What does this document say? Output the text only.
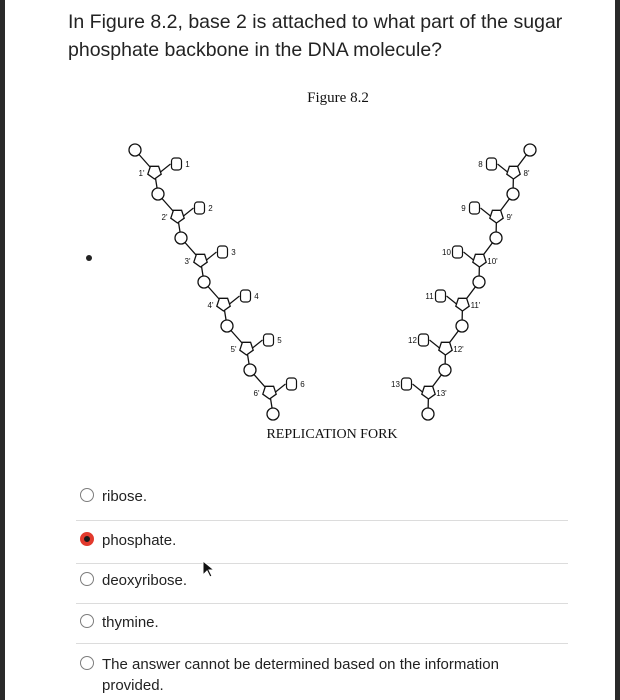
In Figure 8.2, base 2 is attached to what part of the sugar phosphate backbone in the DNA molecule?

Figure 8.2
1'
1
2'
2
3'
3
4'
4
5'
5
6'
6
8'
8
9'
9
10'
10
11'
11
12'
12
13'
13
REPLICATION FORK
ribose.
phosphate.
deoxyribose.
thymine.
The answer cannot be determined based on the information provided.
